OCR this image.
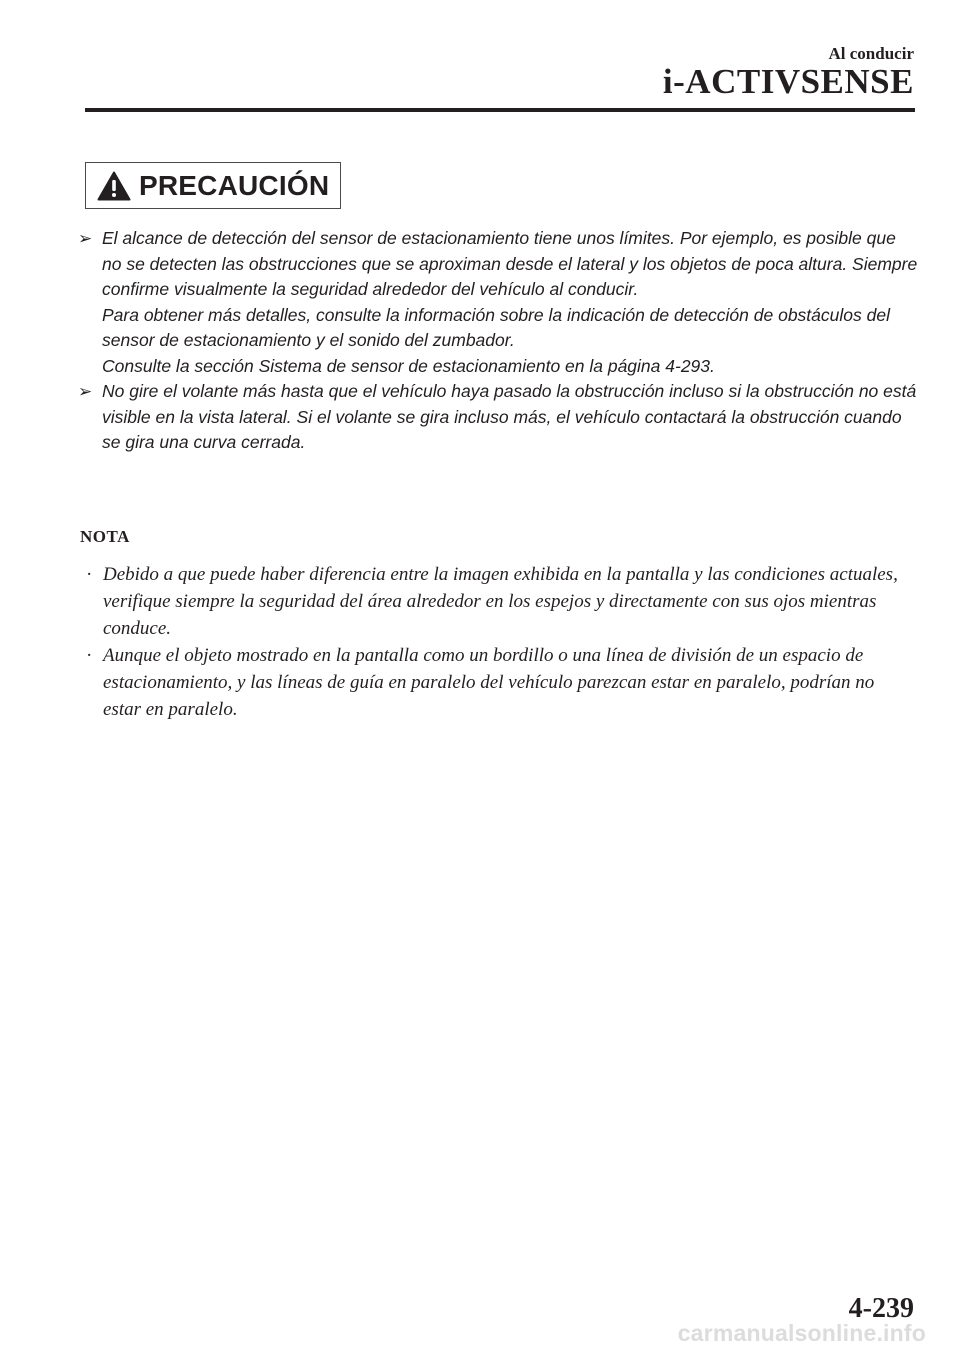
Al conducir
i-ACTIVSENSE
PRECAUCIÓN
➢ El alcance de detección del sensor de estacionamiento tiene unos límites. Por ejemplo, es posible que no se detecten las obstrucciones que se aproximan desde el lateral y los objetos de poca altura. Siempre confirme visualmente la seguridad alrededor del vehículo al conducir.

Para obtener más detalles, consulte la información sobre la indicación de detección de obstáculos del sensor de estacionamiento y el sonido del zumbador.

Consulte la sección Sistema de sensor de estacionamiento en la página 4-293.

➢ No gire el volante más hasta que el vehículo haya pasado la obstrucción incluso si la obstrucción no está visible en la vista lateral. Si el volante se gira incluso más, el vehículo contactará la obstrucción cuando se gira una curva cerrada.

NOTA
· Debido a que puede haber diferencia entre la imagen exhibida en la pantalla y las condiciones actuales, verifique siempre la seguridad del área alrededor en los espejos y directamente con sus ojos mientras conduce.
· Aunque el objeto mostrado en la pantalla como un bordillo o una línea de división de un espacio de estacionamiento, y las líneas de guía en paralelo del vehículo parezcan estar en paralelo, podrían no estar en paralelo.
4-239
carmanualsonline.info
